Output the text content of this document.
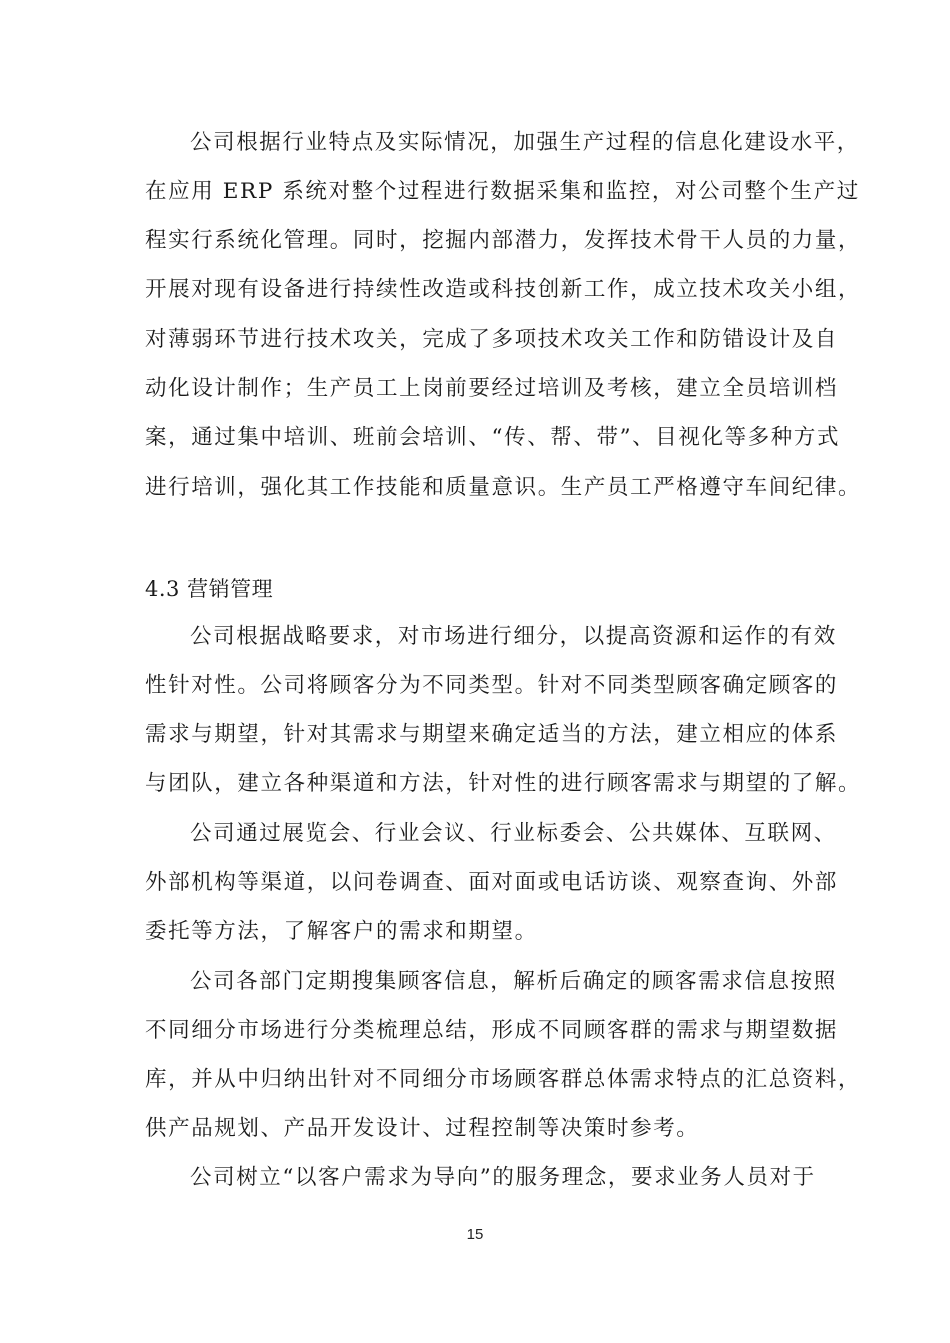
公司根据行业特点及实际情况，加强生产过程的信息化建设水平，
在应用 ERP 系统对整个过程进行数据采集和监控，对公司整个生产过
程实行系统化管理。同时，挖掘内部潜力，发挥技术骨干人员的力量，
开展对现有设备进行持续性改造或科技创新工作，成立技术攻关小组，
对薄弱环节进行技术攻关，完成了多项技术攻关工作和防错设计及自
动化设计制作；生产员工上岗前要经过培训及考核，建立全员培训档
案，通过集中培训、班前会培训、“传、帮、带”、目视化等多种方式
进行培训，强化其工作技能和质量意识。生产员工严格遵守车间纪律。
4.3 营销管理
公司根据战略要求，对市场进行细分，以提高资源和运作的有效
性针对性。公司将顾客分为不同类型。针对不同类型顾客确定顾客的
需求与期望，针对其需求与期望来确定适当的方法，建立相应的体系
与团队，建立各种渠道和方法，针对性的进行顾客需求与期望的了解。
公司通过展览会、行业会议、行业标委会、公共媒体、互联网、
外部机构等渠道，以问卷调查、面对面或电话访谈、观察查询、外部
委托等方法，了解客户的需求和期望。
公司各部门定期搜集顾客信息，解析后确定的顾客需求信息按照
不同细分市场进行分类梳理总结，形成不同顾客群的需求与期望数据
库，并从中归纳出针对不同细分市场顾客群总体需求特点的汇总资料，
供产品规划、产品开发设计、过程控制等决策时参考。
公司树立“以客户需求为导向”的服务理念，要求业务人员对于
15
